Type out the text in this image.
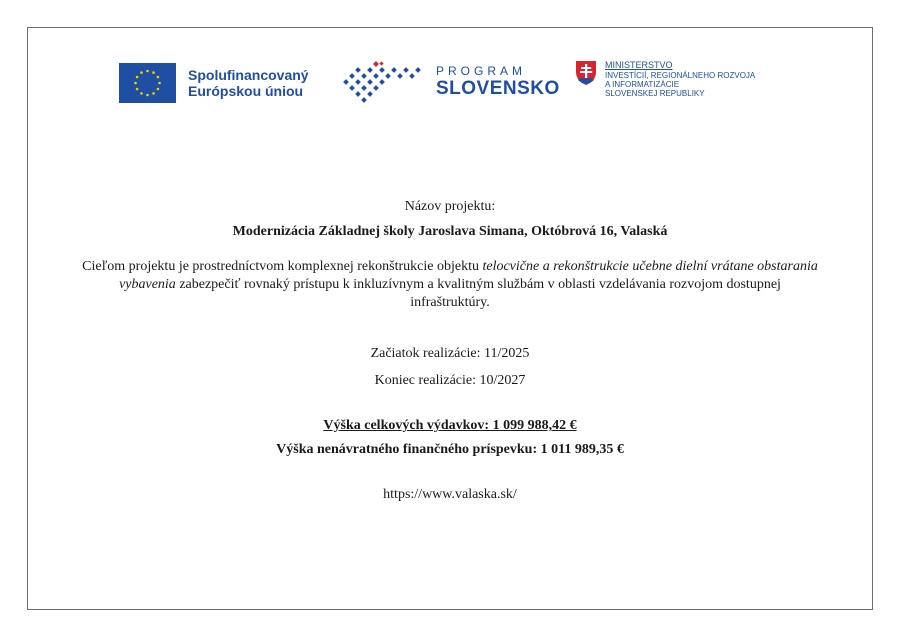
Spolufinancovaný
Európskou úniou
PROGRAM
SLOVENSKO
MINISTERSTVO
INVESTÍCIÍ, REGIONÁLNEHO ROZVOJA
A INFORMATIZÁCIE
SLOVENSKEJ REPUBLIKY
Názov projektu:
Modernizácia Základnej školy Jaroslava Simana, Októbrová 16, Valaská
Cieľom projektu je prostredníctvom komplexnej rekonštrukcie objektu telocvične a rekonštrukcie učebne dielní vrátane obstarania vybavenia zabezpečiť rovnaký prístupu k inkluzívnym a kvalitným službám v oblasti vzdelávania rozvojom dostupnej infraštruktúry.
Začiatok realizácie: 11/2025
Koniec realizácie: 10/2027
Výška celkových výdavkov: 1 099 988,42 €
Výška nenávratného finančného príspevku: 1 011 989,35 €
https://www.valaska.sk/
